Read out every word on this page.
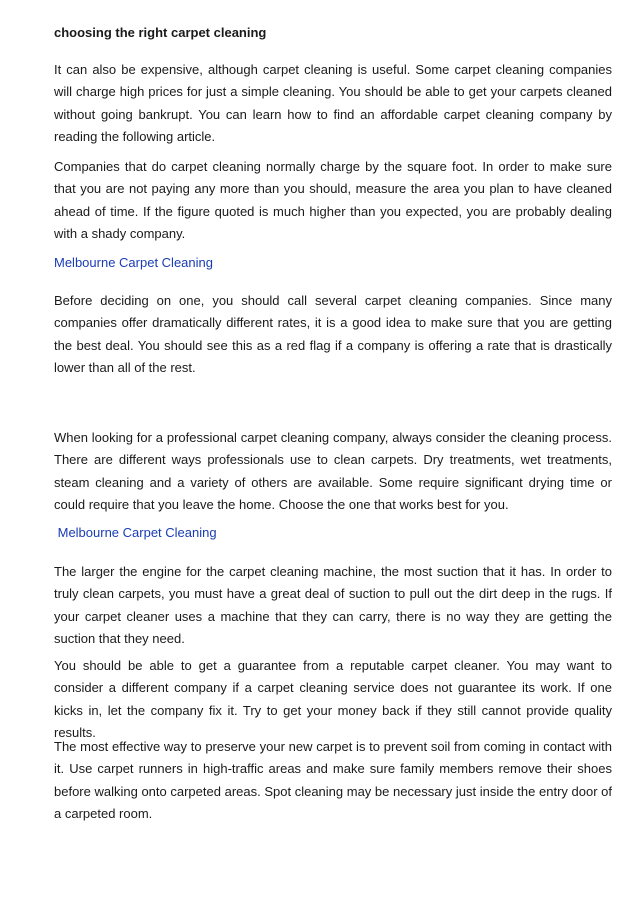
choosing the right carpet cleaning

It can also be expensive, although carpet cleaning is useful. Some carpet cleaning companies will charge high prices for just a simple cleaning. You should be able to get your carpets cleaned without going bankrupt. You can learn how to find an affordable carpet cleaning company by reading the following article.

Companies that do carpet cleaning normally charge by the square foot. In order to make sure that you are not paying any more than you should, measure the area you plan to have cleaned ahead of time. If the figure quoted is much higher than you expected, you are probably dealing with a shady company.

Melbourne Carpet Cleaning

Before deciding on one, you should call several carpet cleaning companies. Since many companies offer dramatically different rates, it is a good idea to make sure that you are getting the best deal. You should see this as a red flag if a company is offering a rate that is drastically lower than all of the rest.

When looking for a professional carpet cleaning company, always consider the cleaning process. There are different ways professionals use to clean carpets. Dry treatments, wet treatments, steam cleaning and a variety of others are available. Some require significant drying time or could require that you leave the home. Choose the one that works best for you.

Melbourne Carpet Cleaning

The larger the engine for the carpet cleaning machine, the most suction that it has. In order to truly clean carpets, you must have a great deal of suction to pull out the dirt deep in the rugs. If your carpet cleaner uses a machine that they can carry, there is no way they are getting the suction that they need.

You should be able to get a guarantee from a reputable carpet cleaner. You may want to consider a different company if a carpet cleaning service does not guarantee its work. If one kicks in, let the company fix it. Try to get your money back if they still cannot provide quality results.

The most effective way to preserve your new carpet is to prevent soil from coming in contact with it. Use carpet runners in high-traffic areas and make sure family members remove their shoes before walking onto carpeted areas. Spot cleaning may be necessary just inside the entry door of a carpeted room.
